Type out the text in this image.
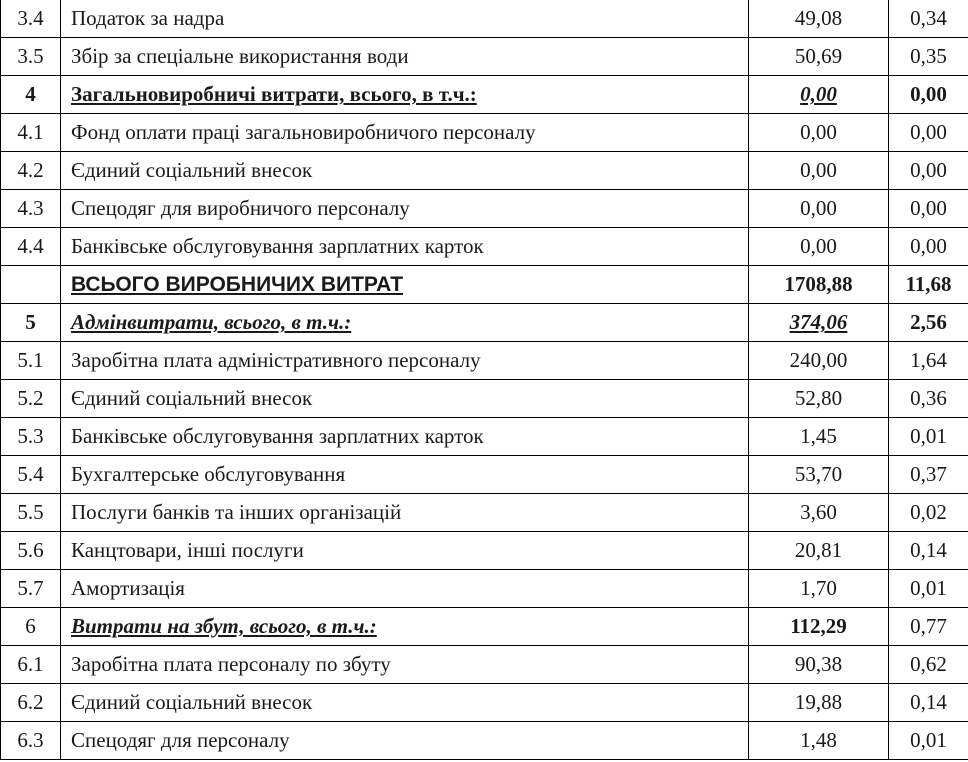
3.4	Податок за надра	49,08	0,34
3.5	Збір за спеціальне використання води	50,69	0,35
4	Загальновиробничі витрати, всього, в т.ч.:	0,00	0,00
4.1	Фонд оплати праці загальновиробничого персоналу	0,00	0,00
4.2	Єдиний соціальний внесок	0,00	0,00
4.3	Спецодяг для виробничого персоналу	0,00	0,00
4.4	Банківське обслуговування зарплатних карток	0,00	0,00
	ВСЬОГО ВИРОБНИЧИХ ВИТРАТ	1708,88	11,68
5	Адмінвитрати, всього, в т.ч.:	374,06	2,56
5.1	Заробітна плата адміністративного персоналу	240,00	1,64
5.2	Єдиний соціальний внесок	52,80	0,36
5.3	Банківське обслуговування зарплатних карток	1,45	0,01
5.4	Бухгалтерське обслуговування	53,70	0,37
5.5	Послуги банків та інших організацій	3,60	0,02
5.6	Канцтовари, інші послуги	20,81	0,14
5.7	Амортизація	1,70	0,01
6	Витрати на збут, всього, в т.ч.:	112,29	0,77
6.1	Заробітна плата персоналу по збуту	90,38	0,62
6.2	Єдиний соціальний внесок	19,88	0,14
6.3	Спецодяг для персоналу	1,48	0,01
